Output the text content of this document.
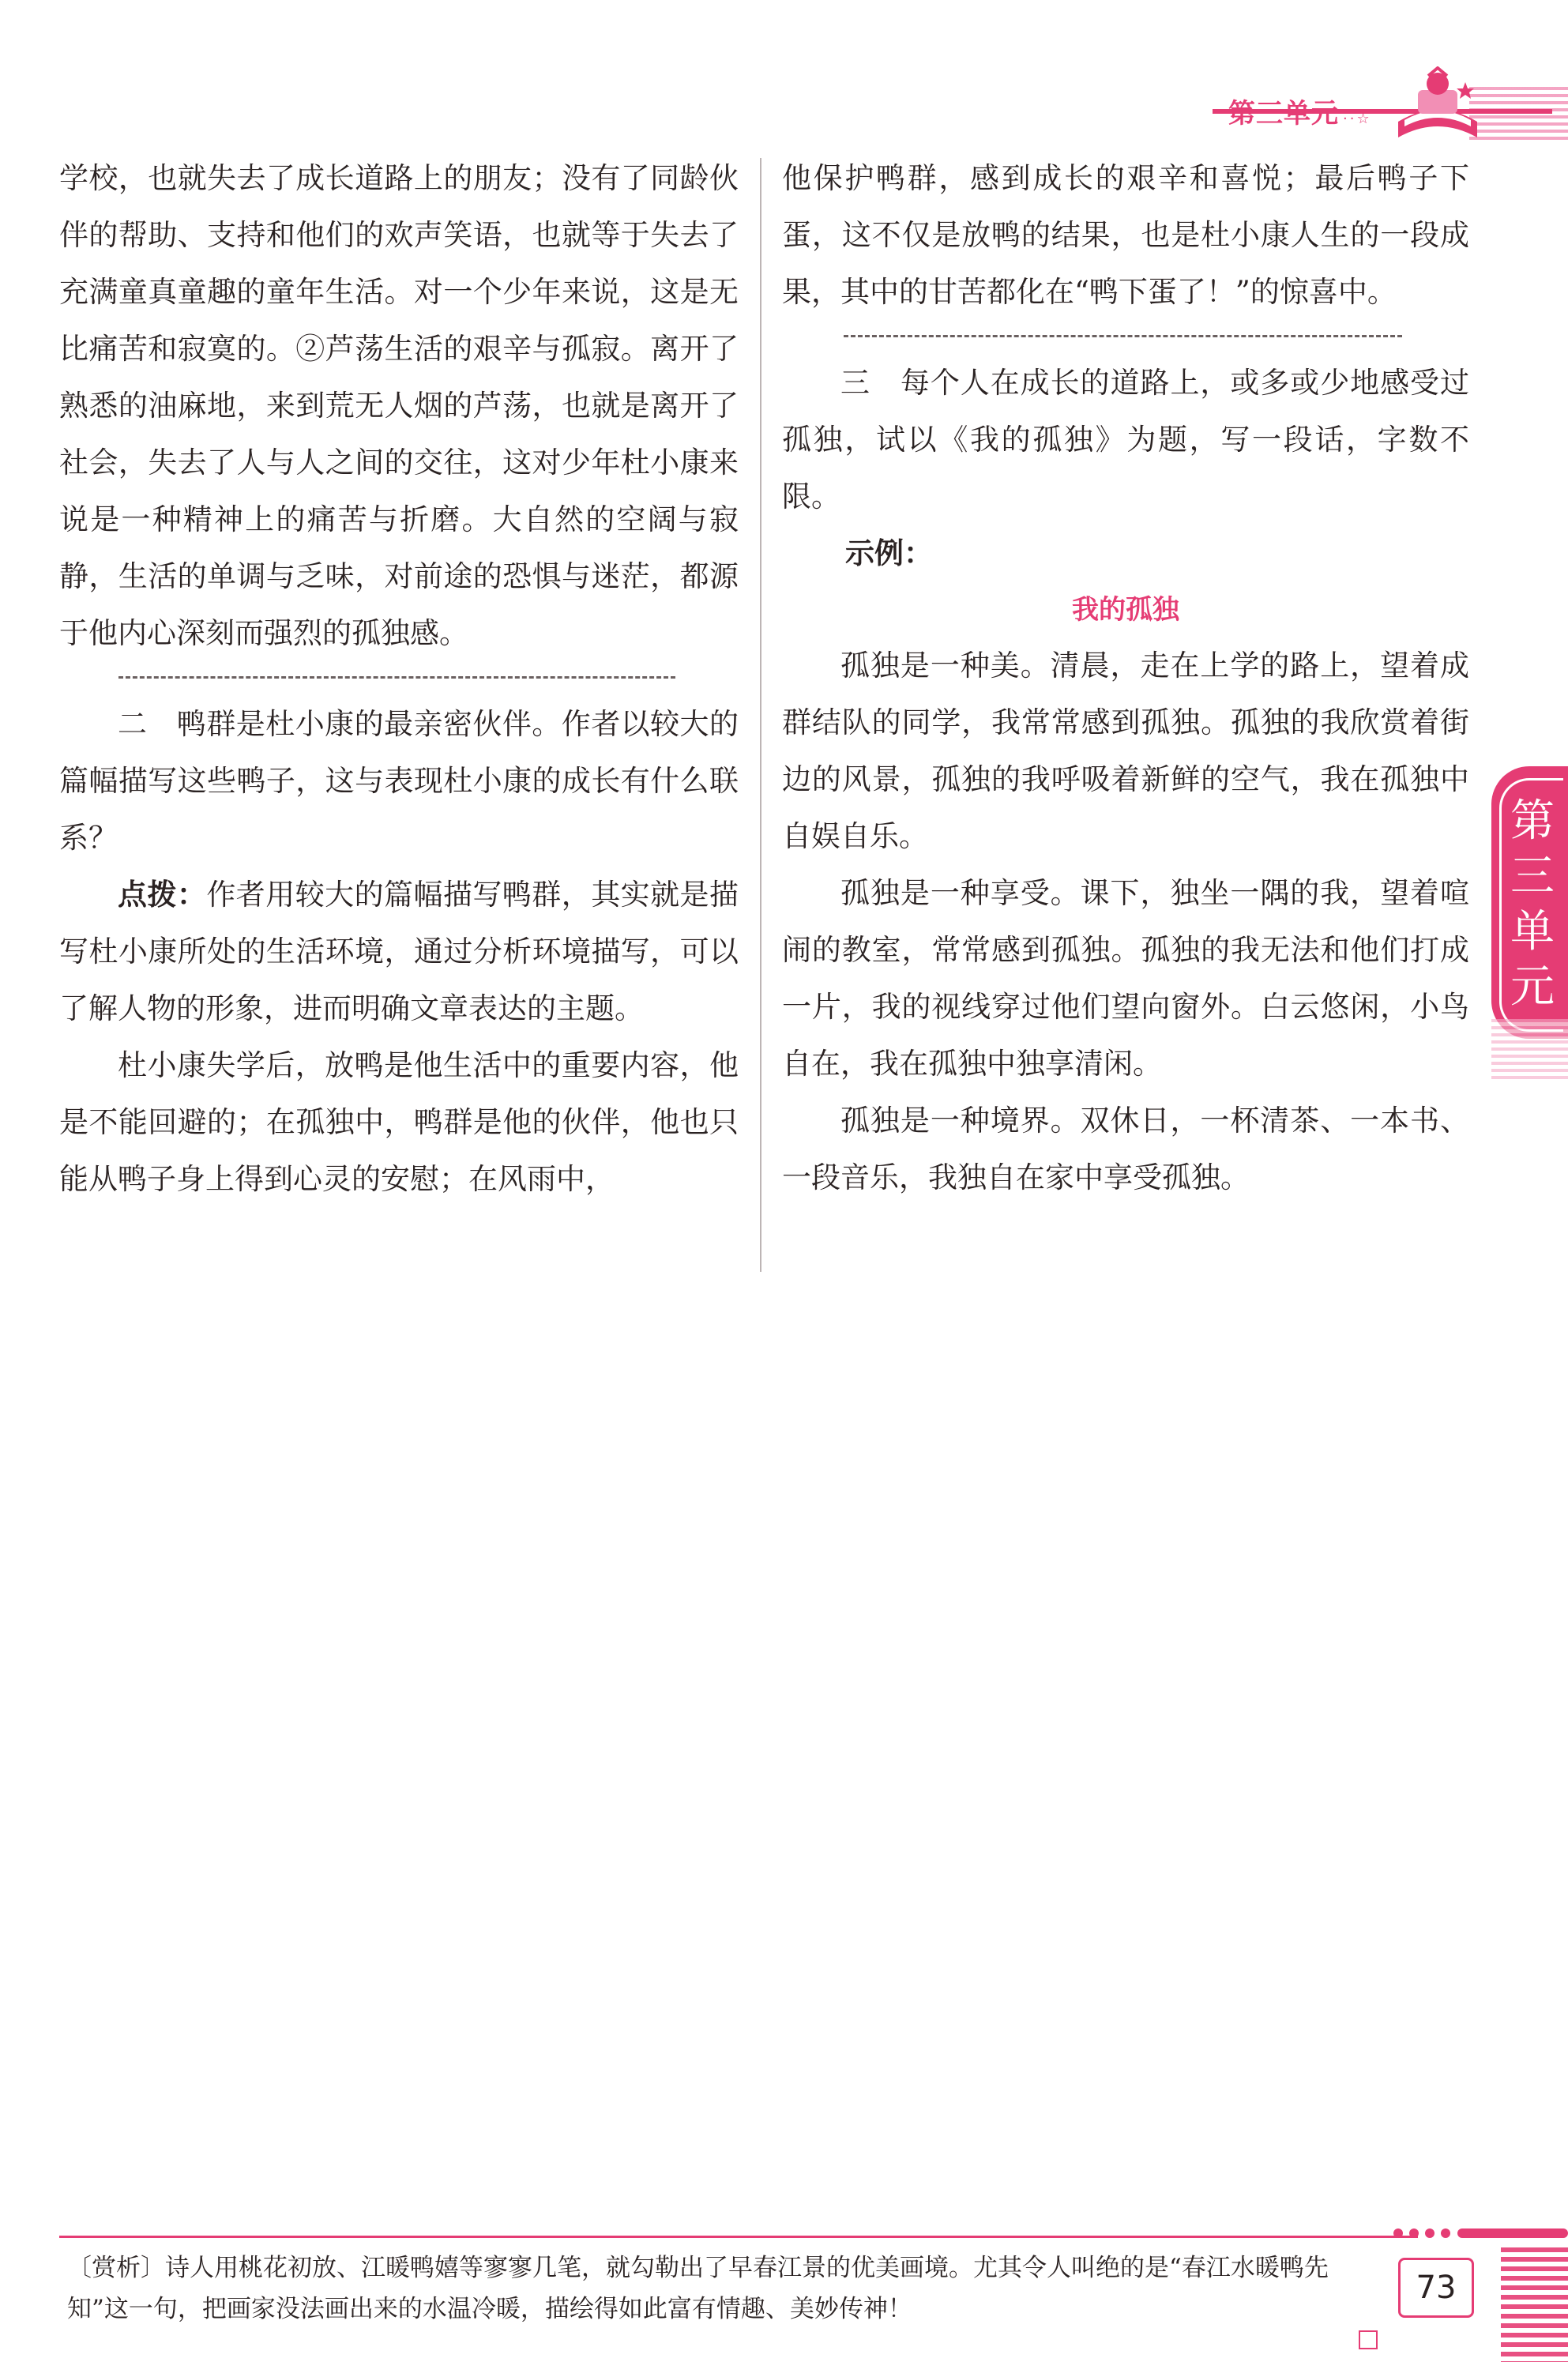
第三单元 ··☆

学校，也就失去了成长道路上的朋友；没有了同龄伙伴的帮助、支持和他们的欢声笑语，也就等于失去了充满童真童趣的童年生活。对一个少年来说，这是无比痛苦和寂寞的。②芦荡生活的艰辛与孤寂。离开了熟悉的油麻地，来到荒无人烟的芦荡，也就是离开了社会，失去了人与人之间的交往，这对少年杜小康来说是一种精神上的痛苦与折磨。大自然的空阔与寂静，生活的单调与乏味，对前途的恐惧与迷茫，都源于他内心深刻而强烈的孤独感。

二　鸭群是杜小康的最亲密伙伴。作者以较大的篇幅描写这些鸭子，这与表现杜小康的成长有什么联系？

点拨：作者用较大的篇幅描写鸭群，其实就是描写杜小康所处的生活环境，通过分析环境描写，可以了解人物的形象，进而明确文章表达的主题。

杜小康失学后，放鸭是他生活中的重要内容，他是不能回避的；在孤独中，鸭群是他的伙伴，他也只能从鸭子身上得到心灵的安慰；在风雨中，

他保护鸭群，感到成长的艰辛和喜悦；最后鸭子下蛋，这不仅是放鸭的结果，也是杜小康人生的一段成果，其中的甘苦都化在“鸭下蛋了！”的惊喜中。

三　每个人在成长的道路上，或多或少地感受过孤独，试以《我的孤独》为题，写一段话，字数不限。

示例：

我的孤独

孤独是一种美。清晨，走在上学的路上，望着成群结队的同学，我常常感到孤独。孤独的我欣赏着街边的风景，孤独的我呼吸着新鲜的空气，我在孤独中自娱自乐。

孤独是一种享受。课下，独坐一隅的我，望着喧闹的教室，常常感到孤独。孤独的我无法和他们打成一片，我的视线穿过他们望向窗外。白云悠闲，小鸟自在，我在孤独中独享清闲。

孤独是一种境界。双休日，一杯清茶、一本书、一段音乐，我独自在家中享受孤独。

第
三
单
元
〔赏析〕诗人用桃花初放、江暖鸭嬉等寥寥几笔，就勾勒出了早春江景的优美画境。尤其令人叫绝的是“春江水暖鸭先知”这一句，把画家没法画出来的水温冷暖，描绘得如此富有情趣、美妙传神！
73
